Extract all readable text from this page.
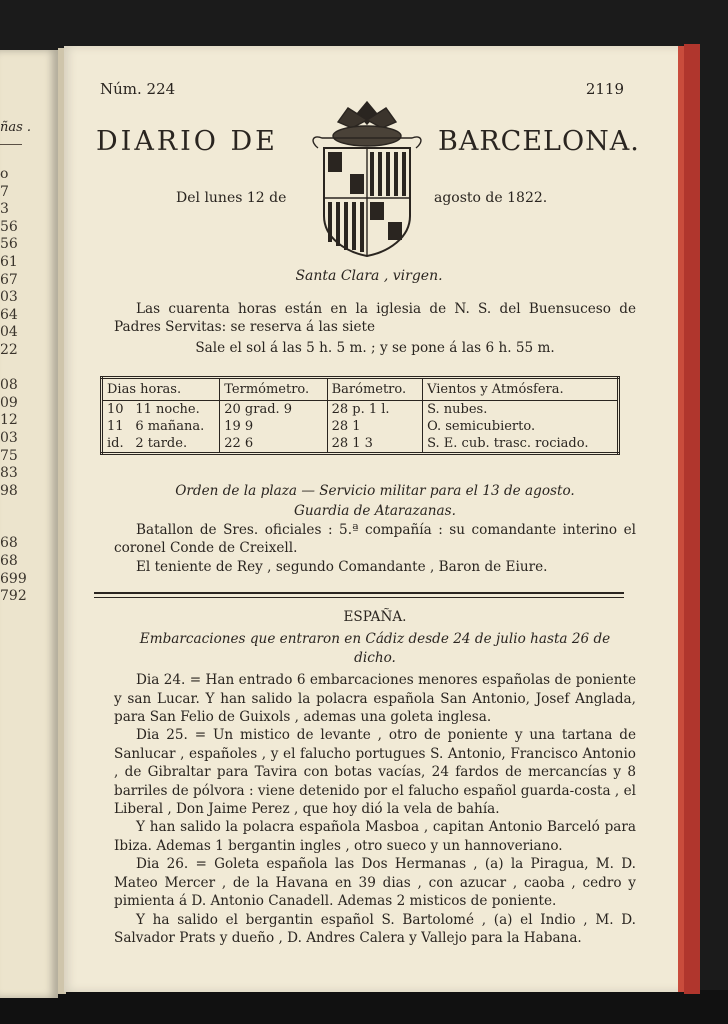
ñas .
o
7
3
56
56
61
67
03
64
04
22

08
09
12
03
75
83
98

68
68
699
792
Núm. 224	2119
DIARIO DE	BARCELONA.
Del lunes 12 de	agosto de 1822.
Santa Clara , virgen.

Las cuarenta horas están en la iglesia de N. S. del Buensuceso de Padres Servitas: se reserva á las siete

Sale el sol á las 5 h. 5 m. ; y se pone á las 6 h. 55 m.

Dias horas.		Termómetro.	Barómetro.	Vientos y Atmósfera.
10	11 noche.	20 grad. 9	28 p. 1 l.	S. nubes.
11	6 mañana.	19 9	28 1	O. semicubierto.
id.	2 tarde.	22 6	28 1 3	S. E. cub. trasc. rociado.

Orden de la plaza — Servicio militar para el 13 de agosto.

Guardia de Atarazanas.

Batallon de Sres. oficiales : 5.ª compañía : su comandante interino el coronel Conde de Creixell.

El teniente de Rey , segundo Comandante , Baron de Eiure.

ESPAÑA.

Embarcaciones que entraron en Cádiz desde 24 de julio hasta 26 de dicho.

Dia 24. = Han entrado 6 embarcaciones menores españolas de poniente y san Lucar. Y han salido la polacra española San Antonio, Josef Anglada, para San Felio de Guixols , ademas una goleta inglesa.

Dia 25. = Un mistico de levante , otro de poniente y una tartana de Sanlucar , españoles , y el falucho portugues S. Antonio, Francisco Antonio , de Gibraltar para Tavira con botas vacías, 24 fardos de mercancías y 8 barriles de pólvora : viene detenido por el falucho español guarda-costa , el Liberal , Don Jaime Perez , que hoy dió la vela de bahía.

Y han salido la polacra española Masboa , capitan Antonio Barceló para Ibiza. Ademas 1 bergantin ingles , otro sueco y un hannoveriano.

Dia 26. = Goleta española las Dos Hermanas , (a) la Piragua, M. D. Mateo Mercer , de la Havana en 39 dias , con azucar , caoba , cedro y pimienta á D. Antonio Canadell. Ademas 2 misticos de poniente.

Y ha salido el bergantin español S. Bartolomé , (a) el Indio , M. D. Salvador Prats y dueño , D. Andres Calera y Vallejo para la Habana.
